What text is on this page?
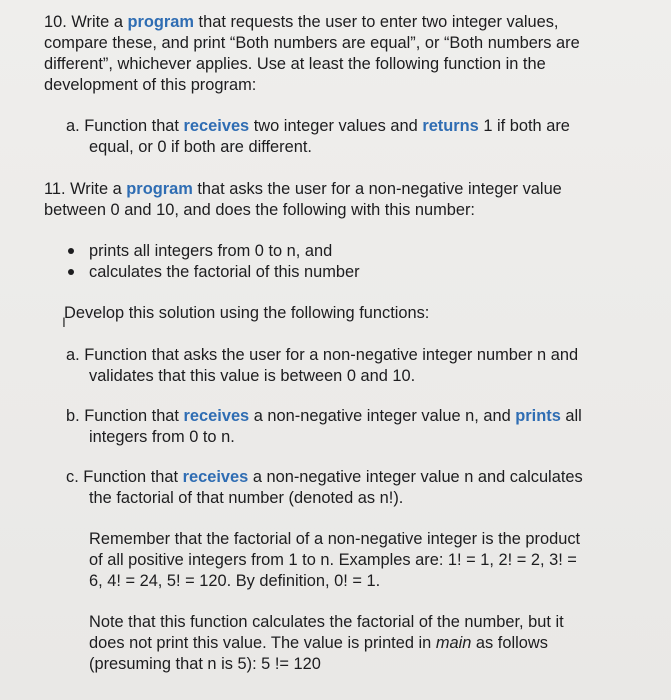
10. Write a program that requests the user to enter two integer values,

compare these, and print “Both numbers are equal”, or “Both numbers are

different”, whichever applies. Use at least the following function in the

development of this program:

a. Function that receives two integer values and returns 1 if both are

equal, or 0 if both are different.

11. Write a program that asks the user for a non-negative integer value

between 0 and 10, and does the following with this number:

prints all integers from 0 to n, and

calculates the factorial of this number

Develop this solution using the following functions:

I

a. Function that asks the user for a non-negative integer number n and

validates that this value is between 0 and 10.

b. Function that receives a non-negative integer value n, and prints all

integers from 0 to n.

c. Function that receives a non-negative integer value n and calculates

the factorial of that number (denoted as n!).

Remember that the factorial of a non-negative integer is the product

of all positive integers from 1 to n. Examples are: 1! = 1, 2! = 2, 3! =

6, 4! = 24, 5! = 120. By definition, 0! = 1.

Note that this function calculates the factorial of the number, but it

does not print this value. The value is printed in main as follows

(presuming that n is 5): 5 != 120
